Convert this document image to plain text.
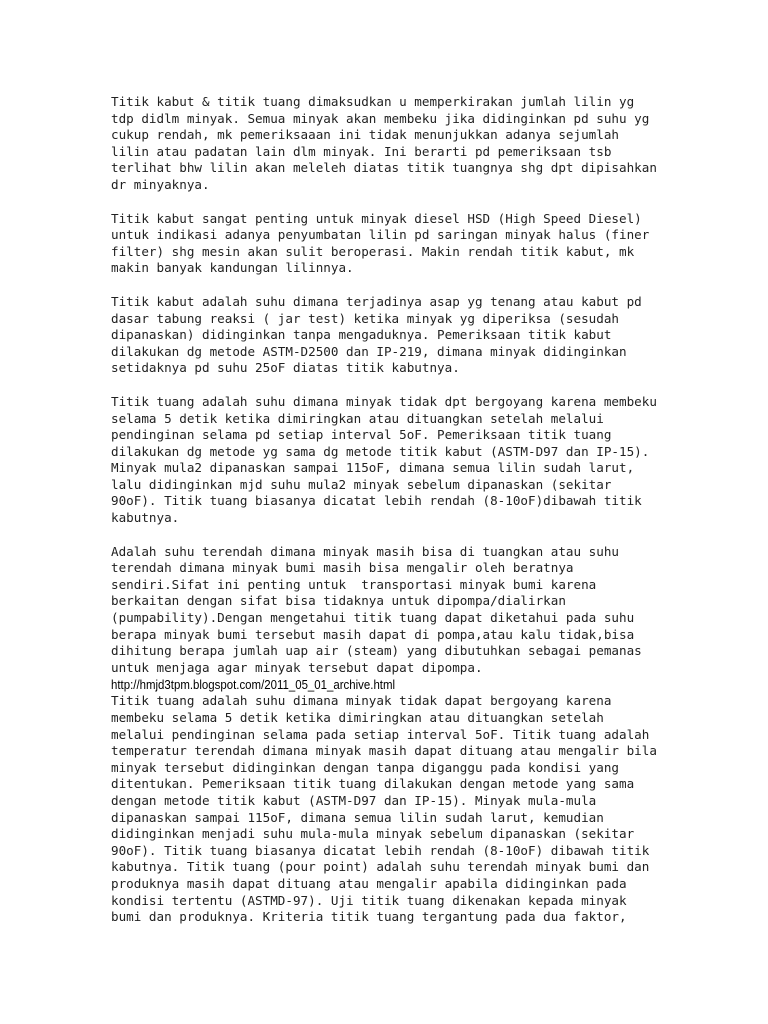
Titik kabut & titik tuang dimaksudkan u memperkirakan jumlah lilin yg
tdp didlm minyak. Semua minyak akan membeku jika didinginkan pd suhu yg
cukup rendah, mk pemeriksaaan ini tidak menunjukkan adanya sejumlah
lilin atau padatan lain dlm minyak. Ini berarti pd pemeriksaan tsb
terlihat bhw lilin akan meleleh diatas titik tuangnya shg dpt dipisahkan
dr minyaknya.

Titik kabut sangat penting untuk minyak diesel HSD (High Speed Diesel)
untuk indikasi adanya penyumbatan lilin pd saringan minyak halus (finer
filter) shg mesin akan sulit beroperasi. Makin rendah titik kabut, mk
makin banyak kandungan lilinnya.

Titik kabut adalah suhu dimana terjadinya asap yg tenang atau kabut pd
dasar tabung reaksi ( jar test) ketika minyak yg diperiksa (sesudah
dipanaskan) didinginkan tanpa mengaduknya. Pemeriksaan titik kabut
dilakukan dg metode ASTM-D2500 dan IP-219, dimana minyak didinginkan
setidaknya pd suhu 25oF diatas titik kabutnya.

Titik tuang adalah suhu dimana minyak tidak dpt bergoyang karena membeku
selama 5 detik ketika dimiringkan atau dituangkan setelah melalui
pendinginan selama pd setiap interval 5oF. Pemeriksaan titik tuang
dilakukan dg metode yg sama dg metode titik kabut (ASTM-D97 dan IP-15).
Minyak mula2 dipanaskan sampai 115oF, dimana semua lilin sudah larut,
lalu didinginkan mjd suhu mula2 minyak sebelum dipanaskan (sekitar
90oF). Titik tuang biasanya dicatat lebih rendah (8-10oF)dibawah titik
kabutnya.

Adalah suhu terendah dimana minyak masih bisa di tuangkan atau suhu
terendah dimana minyak bumi masih bisa mengalir oleh beratnya
sendiri.Sifat ini penting untuk  transportasi minyak bumi karena
berkaitan dengan sifat bisa tidaknya untuk dipompa/dialirkan
(pumpability).Dengan mengetahui titik tuang dapat diketahui pada suhu
berapa minyak bumi tersebut masih dapat di pompa,atau kalu tidak,bisa
dihitung berapa jumlah uap air (steam) yang dibutuhkan sebagai pemanas
untuk menjaga agar minyak tersebut dapat dipompa.

http://hmjd3tpm.blogspot.com/2011_05_01_archive.html

Titik tuang adalah suhu dimana minyak tidak dapat bergoyang karena
membeku selama 5 detik ketika dimiringkan atau dituangkan setelah
melalui pendinginan selama pada setiap interval 5oF. Titik tuang adalah
temperatur terendah dimana minyak masih dapat dituang atau mengalir bila
minyak tersebut didinginkan dengan tanpa diganggu pada kondisi yang
ditentukan. Pemeriksaan titik tuang dilakukan dengan metode yang sama
dengan metode titik kabut (ASTM-D97 dan IP-15). Minyak mula-mula
dipanaskan sampai 115oF, dimana semua lilin sudah larut, kemudian
didinginkan menjadi suhu mula-mula minyak sebelum dipanaskan (sekitar
90oF). Titik tuang biasanya dicatat lebih rendah (8-10oF) dibawah titik
kabutnya. Titik tuang (pour point) adalah suhu terendah minyak bumi dan
produknya masih dapat dituang atau mengalir apabila didinginkan pada
kondisi tertentu (ASTMD-97). Uji titik tuang dikenakan kepada minyak
bumi dan produknya. Kriteria titik tuang tergantung pada dua faktor,
